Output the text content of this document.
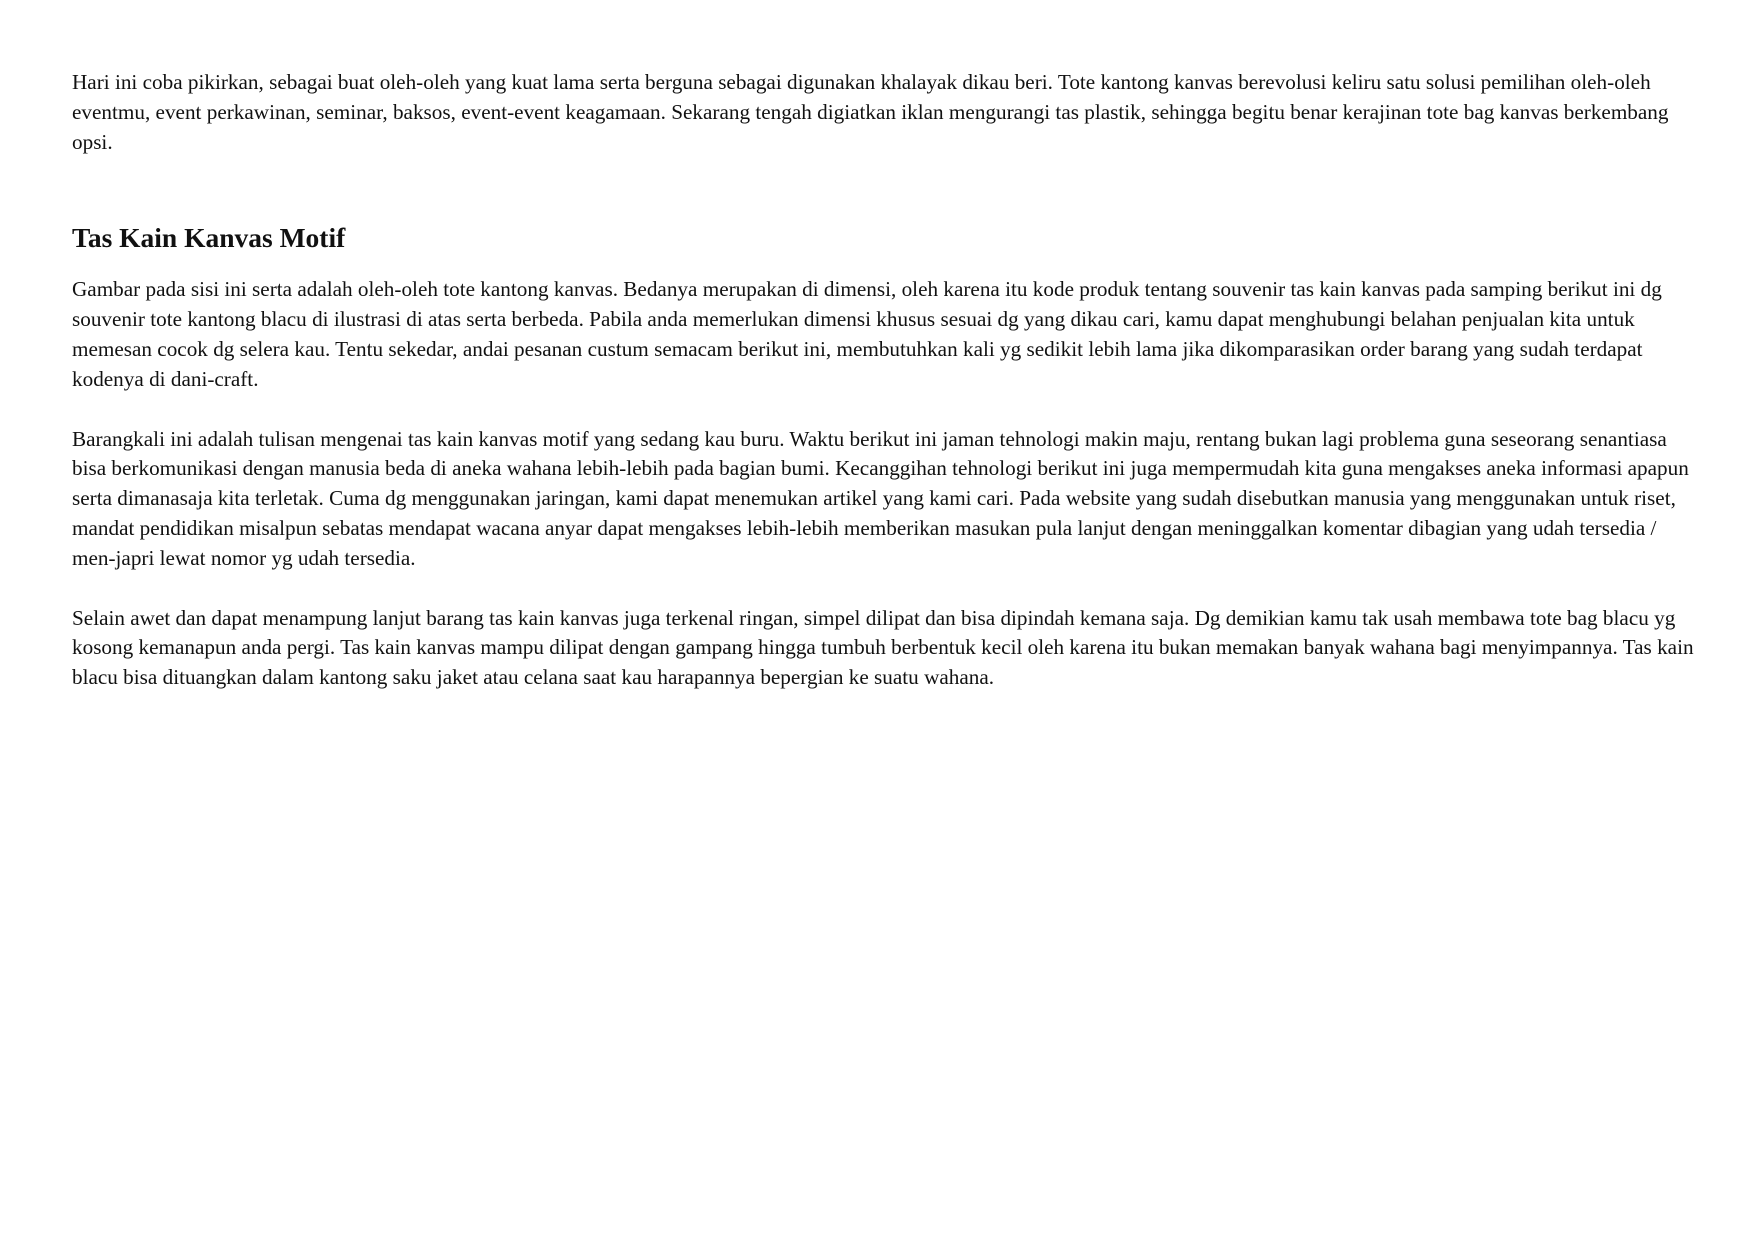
Hari ini coba pikirkan, sebagai buat oleh-oleh yang kuat lama serta berguna sebagai digunakan khalayak dikau beri. Tote kantong kanvas berevolusi keliru satu solusi pemilihan oleh-oleh eventmu, event perkawinan, seminar, baksos, event-event keagamaan. Sekarang tengah digiatkan iklan mengurangi tas plastik, sehingga begitu benar kerajinan tote bag kanvas berkembang opsi.

Tas Kain Kanvas Motif

Gambar pada sisi ini serta adalah oleh-oleh tote kantong kanvas. Bedanya merupakan di dimensi, oleh karena itu kode produk tentang souvenir tas kain kanvas pada samping berikut ini dg souvenir tote kantong blacu di ilustrasi di atas serta berbeda. Pabila anda memerlukan dimensi khusus sesuai dg yang dikau cari, kamu dapat menghubungi belahan penjualan kita untuk memesan cocok dg selera kau. Tentu sekedar, andai pesanan custum semacam berikut ini, membutuhkan kali yg sedikit lebih lama jika dikomparasikan order barang yang sudah terdapat kodenya di dani-craft.

Barangkali ini adalah tulisan mengenai tas kain kanvas motif yang sedang kau buru. Waktu berikut ini jaman tehnologi makin maju, rentang bukan lagi problema guna seseorang senantiasa bisa berkomunikasi dengan manusia beda di aneka wahana lebih-lebih pada bagian bumi. Kecanggihan tehnologi berikut ini juga mempermudah kita guna mengakses aneka informasi apapun serta dimanasaja kita terletak. Cuma dg menggunakan jaringan, kami dapat menemukan artikel yang kami cari. Pada website yang sudah disebutkan manusia yang menggunakan untuk riset, mandat pendidikan misalpun sebatas mendapat wacana anyar dapat mengakses lebih-lebih memberikan masukan pula lanjut dengan meninggalkan komentar dibagian yang udah tersedia / men-japri lewat nomor yg udah tersedia.

Selain awet dan dapat menampung lanjut barang tas kain kanvas juga terkenal ringan, simpel dilipat dan bisa dipindah kemana saja. Dg demikian kamu tak usah membawa tote bag blacu yg kosong kemanapun anda pergi. Tas kain kanvas mampu dilipat dengan gampang hingga tumbuh berbentuk kecil oleh karena itu bukan memakan banyak wahana bagi menyimpannya. Tas kain blacu bisa dituangkan dalam kantong saku jaket atau celana saat kau harapannya bepergian ke suatu wahana.
